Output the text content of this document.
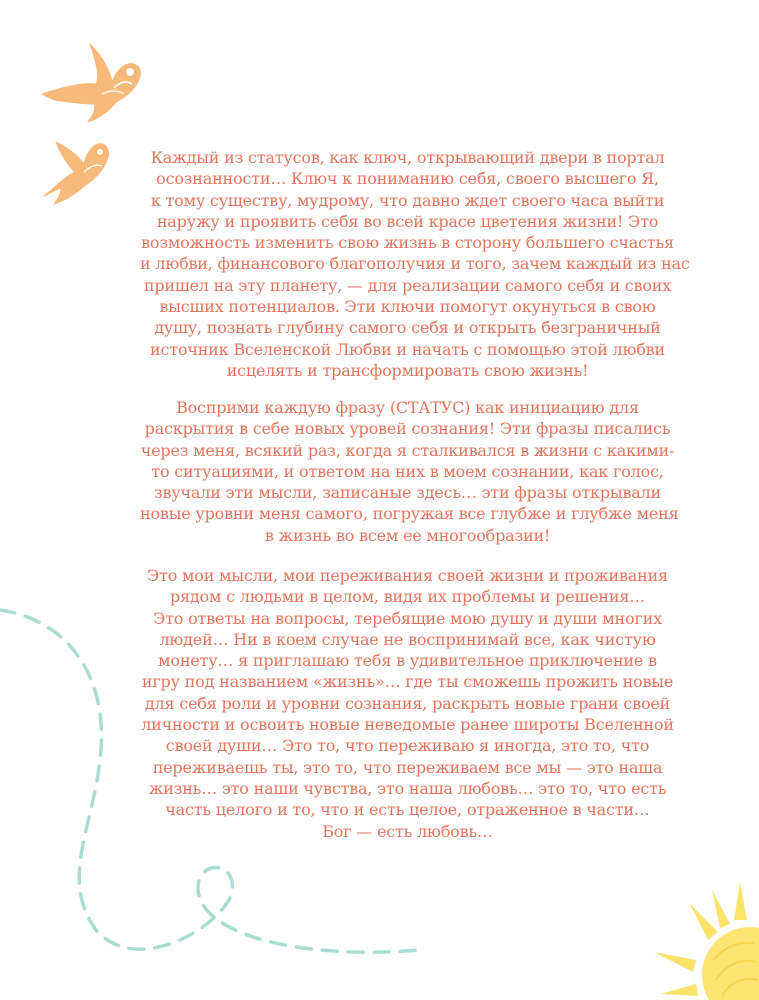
Каждый из статусов, как ключ, открывающий двери в портал
осознанности… Ключ к пониманию себя, своего высшего Я,
к тому существу, мудрому, что давно ждет своего часа выйти
наружу и проявить себя во всей красе цветения жизни! Это
возможность изменить свою жизнь в сторону большего счастья
и любви, финансового благополучия и того, зачем каждый из нас
пришел на эту планету, — для реализации самого себя и своих
высших потенциалов. Эти ключи помогут окунуться в свою
душу, познать глубину самого себя и открыть безграничный
источник Вселенской Любви и начать с помощью этой любви
исцелять и трансформировать свою жизнь!
Восприми каждую фразу (СТАТУС) как инициацию для
раскрытия в себе новых уровей сознания! Эти фразы писались
через меня, всякий раз, когда я сталкивался в жизни с какими-
то ситуациями, и ответом на них в моем сознании, как голос,
звучали эти мысли, записаные здесь… эти фразы открывали
новые уровни меня самого, погружая все глубже и глубже меня
в жизнь во всем ее многообразии!
Это мои мысли, мои переживания своей жизни и проживания
рядом с людьми в целом, видя их проблемы и решения…
Это ответы на вопросы, теребящие мою душу и души многих
людей… Ни в коем случае не воспринимай все, как чистую
монету… я приглашаю тебя в удивительное приключение в
игру под названием «жизнь»… где ты сможешь прожить новые
для себя роли и уровни сознания, раскрыть новые грани своей
личности и освоить новые неведомые ранее широты Вселенной
своей души… Это то, что переживаю я иногда, это то, что
переживаешь ты, это то, что переживаем все мы — это наша
жизнь… это наши чувства, это наша любовь… это то, что есть
часть целого и то, что и есть целое, отраженное в части…
Бог — есть любовь…
